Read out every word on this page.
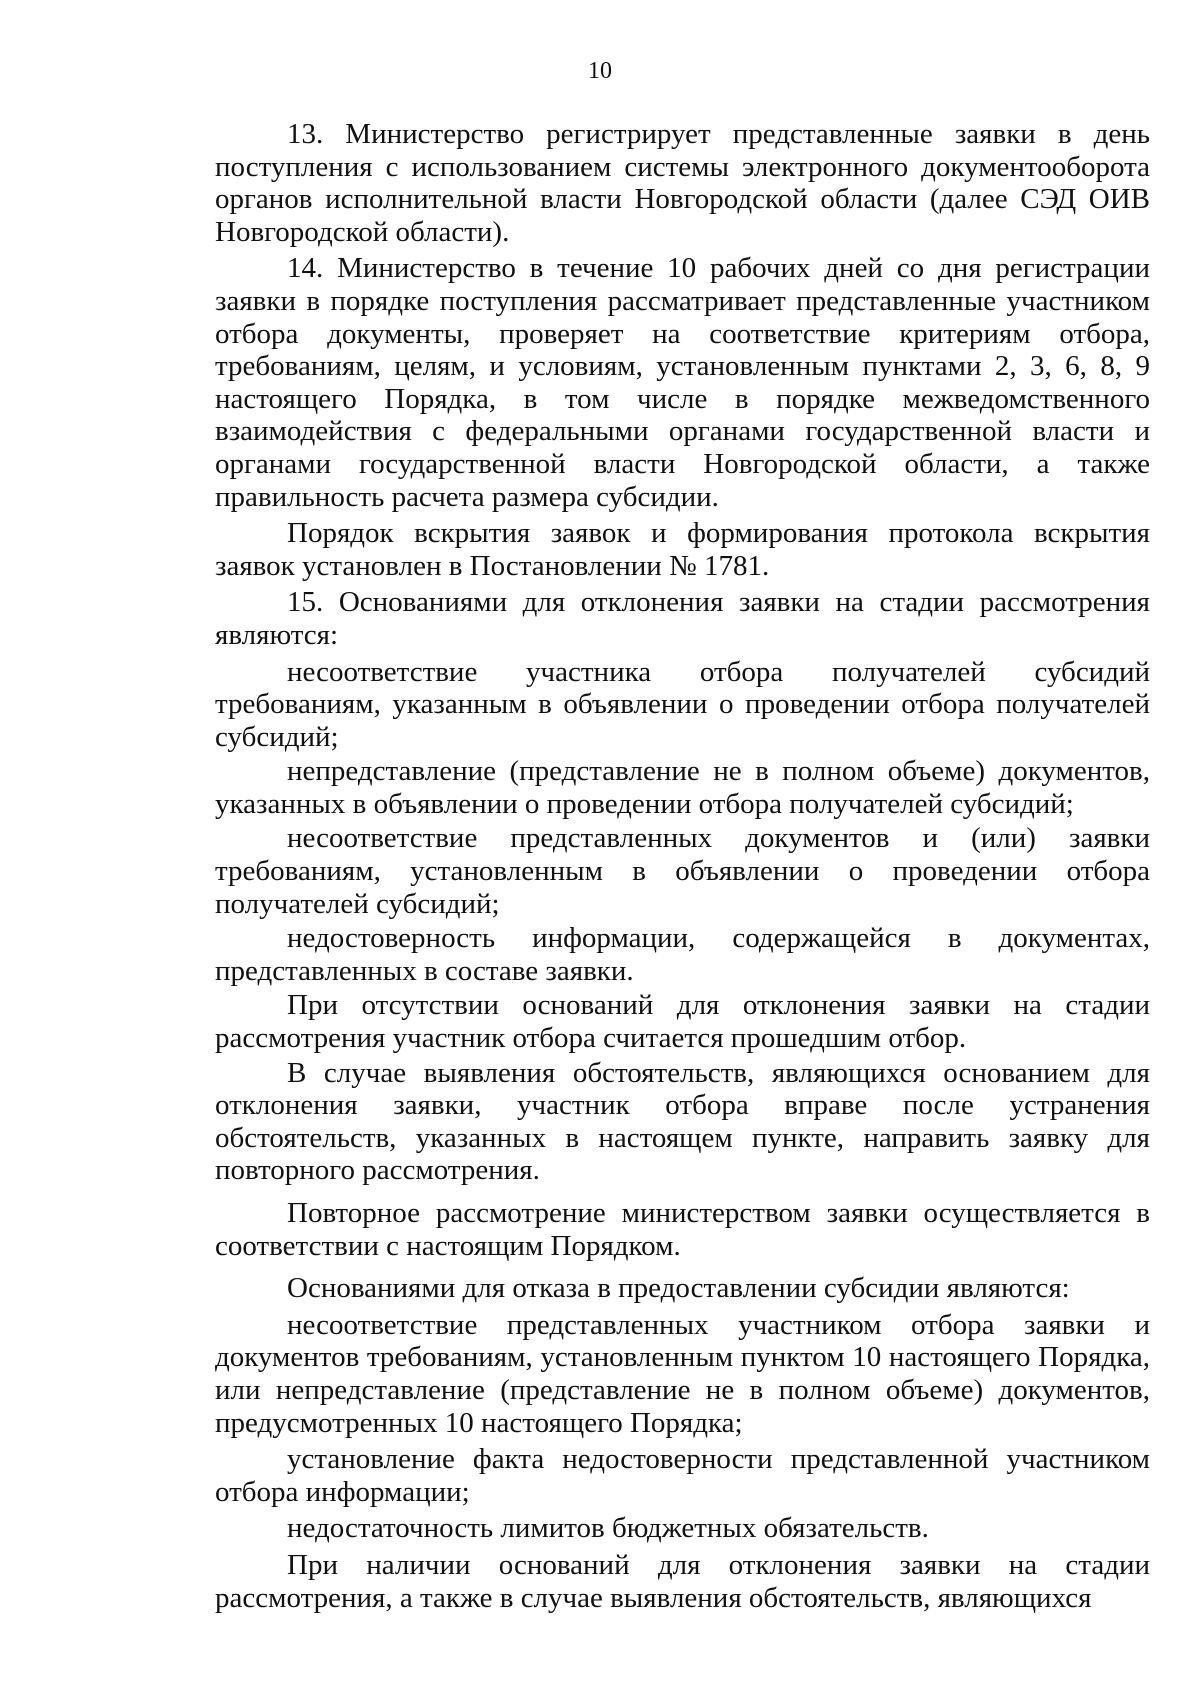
10

13. Министерство регистрирует представленные заявки в день поступления с использованием системы электронного документооборота органов исполнительной власти Новгородской области (далее СЭД ОИВ Новгородской области).

14. Министерство в течение 10 рабочих дней со дня регистрации заявки в порядке поступления рассматривает представленные участником отбора документы, проверяет на соответствие критериям отбора, требованиям, целям, и условиям, установленным пунктами 2, 3, 6, 8, 9 настоящего Порядка, в том числе в порядке межведомственного взаимодействия с федеральными органами государственной власти и органами государственной власти Новгородской области, а также правильность расчета размера субсидии.

Порядок вскрытия заявок и формирования протокола вскрытия заявок установлен в Постановлении № 1781.

15. Основаниями для отклонения заявки на стадии рассмотрения являются:

несоответствие участника отбора получателей субсидий требованиям, указанным в объявлении о проведении отбора получателей субсидий;

непредставление (представление не в полном объеме) документов, указанных в объявлении о проведении отбора получателей субсидий;

несоответствие представленных документов и (или) заявки требованиям, установленным в объявлении о проведении отбора получателей субсидий;

недостоверность информации, содержащейся в документах, представленных в составе заявки.

При отсутствии оснований для отклонения заявки на стадии рассмотрения участник отбора считается прошедшим отбор.

В случае выявления обстоятельств, являющихся основанием для отклонения заявки, участник отбора вправе после устранения обстоятельств, указанных в настоящем пункте, направить заявку для повторного рассмотрения.

Повторное рассмотрение министерством заявки осуществляется в соответствии с настоящим Порядком.

Основаниями для отказа в предоставлении субсидии являются:

несоответствие представленных участником отбора заявки и документов требованиям, установленным пунктом 10 настоящего Порядка, или непредставление (представление не в полном объеме) документов, предусмотренных 10 настоящего Порядка;

установление факта недостоверности представленной участником отбора информации;

недостаточность лимитов бюджетных обязательств.

При наличии оснований для отклонения заявки на стадии рассмотрения, а также в случае выявления обстоятельств, являющихся
